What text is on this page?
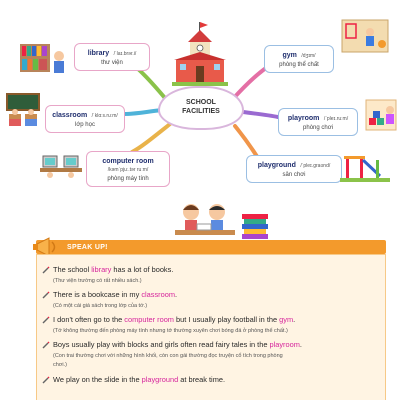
SCHOOL
FACILITIES
library /ˈlaɪ.brər.i/
thư viện
classroom /ˈklɑːs.ruːm/
lớp học
computer room
/kəmˈpjuː.tər ruːm/
phòng máy tính
gym /dʒɪm/
phòng thể chất
playroom /ˈpleɪ.ruːm/
phòng chơi
playground /ˈpleɪ.ɡraʊnd/
sân chơi
SPEAK UP!
The school library has a lot of books.
(Thư viện trường có rất nhiều sách.)
There is a bookcase in my classroom.
(Có một cái giá sách trong lớp của tớ.)
I don't often go to the computer room but I usually play football in the gym.
(Tớ không thường đến phòng máy tính nhưng tớ thường xuyên chơi bóng đá ở phòng thể chất.)
Boys usually play with blocks and girls often read fairy tales in the playroom.
(Con trai thường chơi với những hình khối, còn con gái thường đọc truyện cổ tích trong phòng
chơi.)
We play on the slide in the playground at break time.
